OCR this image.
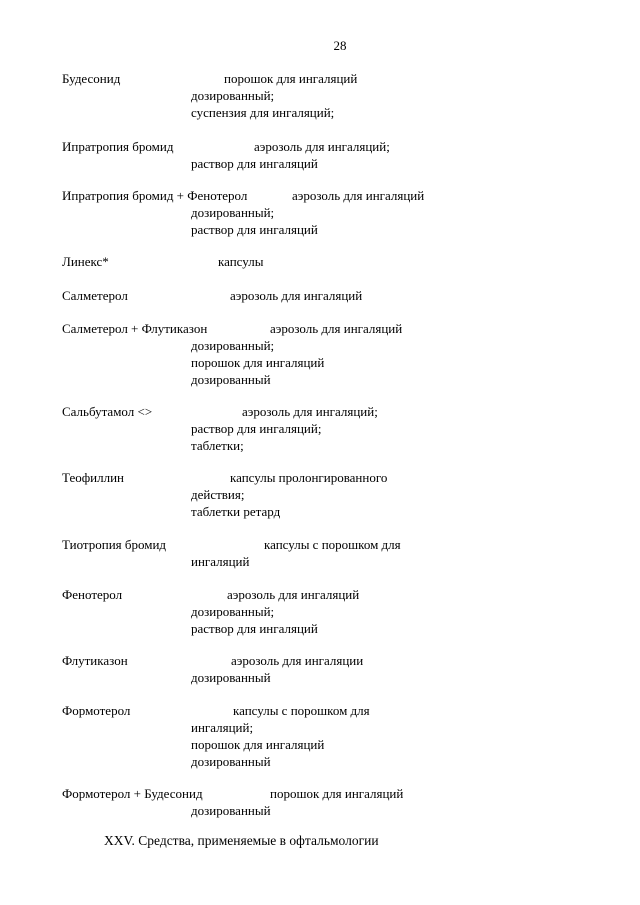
28
Будесонид	порошок для ингаляций
дозированный;
суспензия для ингаляций;
Ипратропия бромид	аэрозоль для ингаляций;
раствор для ингаляций
Ипратропия бромид + Фенотерол	аэрозоль для ингаляций
дозированный;
раствор для ингаляций
Линекс*	капсулы
Салметерол	аэрозоль для ингаляций
Салметерол + Флутиказон	аэрозоль для ингаляций
дозированный;
порошок для ингаляций
дозированный
Сальбутамол <>	аэрозоль для ингаляций;
раствор для ингаляций;
таблетки;
Теофиллин	капсулы пролонгированного
действия;
таблетки ретард
Тиотропия бромид	капсулы с порошком для
ингаляций
Фенотерол	аэрозоль для ингаляций
дозированный;
раствор для ингаляций
Флутиказон	аэрозоль для ингаляции
дозированный
Формотерол	капсулы с порошком для
ингаляций;
порошок для ингаляций
дозированный
Формотерол + Будесонид	порошок для ингаляций
дозированный
XXV. Средства, применяемые в офтальмологии
